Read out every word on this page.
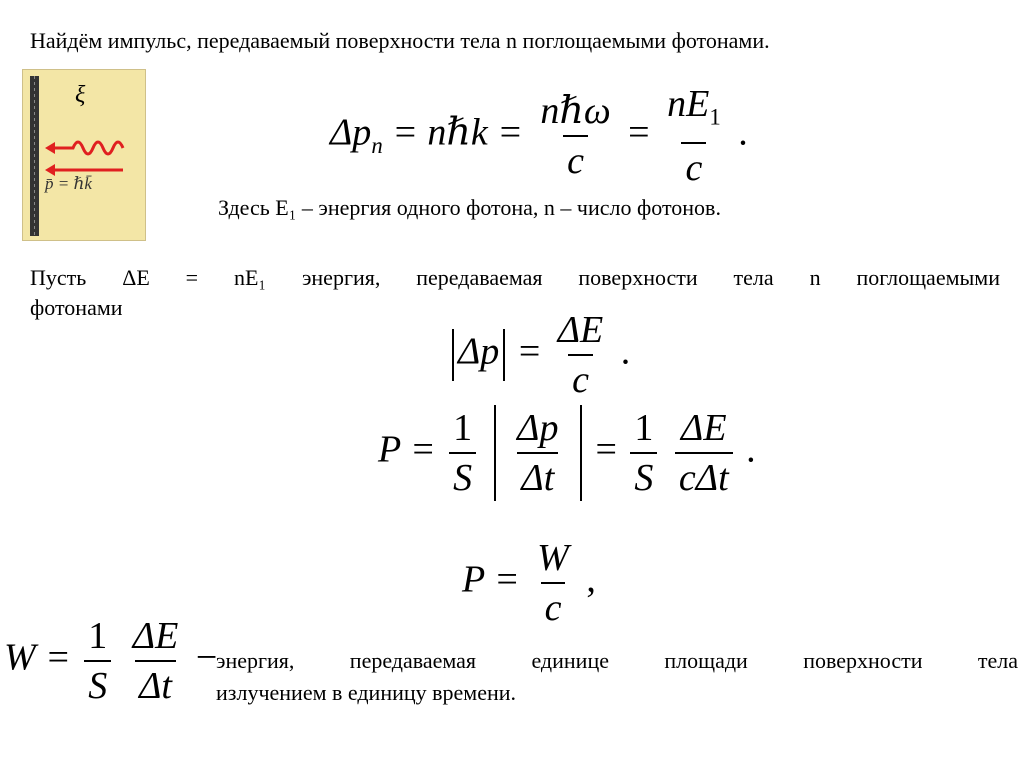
Найдём импульс, передаваемый поверхности тела n поглощаемыми фотонами.
ξ
p̄ = ℏk̄
$\Delta p_n$ = nℏk = $\frac{\text{nℏω}}{c} = \frac{nE_1}{c}$ .
Здесь E₁ – энергия одного фотона, n – число фотонов.
Пусть ΔE = nE₁ энергия, передаваемая поверхности тела n поглощаемыми
фотонами
$\Delta p = \frac{\Delta E}{c}$ .
$P = \frac{1}{S}$
$\frac{\Delta p}{\Delta t} = \frac{1}{S}$
$\frac{\Delta E}{\text{cΔt}}$ .
$P = \frac{W}{c}$ ,
$W = \frac{1}{S}$
$\frac{\Delta E}{\Delta t}$ −
энергия, передаваемая единице площади поверхности тела
излучением в единицу времени.
